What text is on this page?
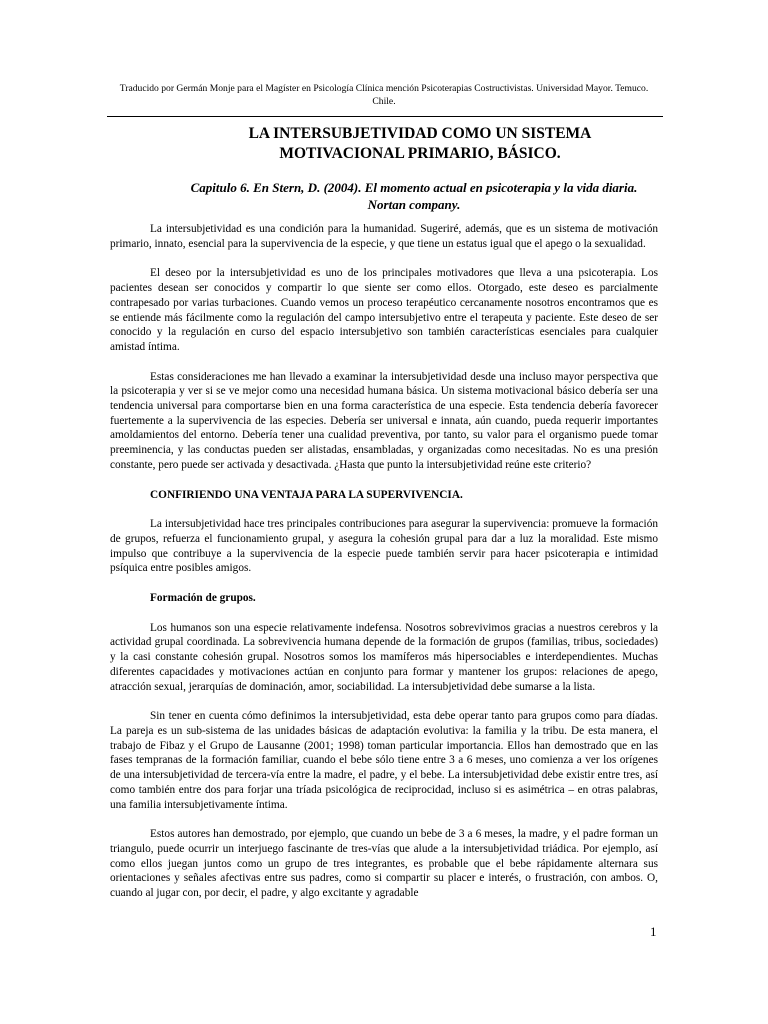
Traducido por Germán Monje para el Magíster en Psicología Clínica mención Psicoterapias Costructivistas. Universidad Mayor. Temuco. Chile.
LA INTERSUBJETIVIDAD COMO UN SISTEMA
MOTIVACIONAL PRIMARIO, BÁSICO.
Capitulo 6. En Stern, D. (2004). El momento actual en psicoterapia y la vida diaria. Nortan company.

La intersubjetividad es una condición para la humanidad. Sugeriré, además, que es un sistema de motivación primario, innato, esencial para la supervivencia de la especie, y que tiene un estatus igual que el apego o la sexualidad.

El deseo por la intersubjetividad es uno de los principales motivadores que lleva a una psicoterapia. Los pacientes desean ser conocidos y compartir lo que siente ser como ellos. Otorgado, este deseo es parcialmente contrapesado por varias turbaciones. Cuando vemos un proceso terapéutico cercanamente nosotros encontramos que es se entiende más fácilmente como la regulación del campo intersubjetivo entre el terapeuta y paciente. Este deseo de ser conocido y la regulación en curso del espacio intersubjetivo son también características esenciales para cualquier amistad íntima.

Estas consideraciones me han llevado a examinar la intersubjetividad desde una incluso mayor perspectiva que la psicoterapia y ver si se ve mejor como una necesidad humana básica. Un sistema motivacional básico debería ser una tendencia universal para comportarse bien en una forma característica de una especie. Esta tendencia debería favorecer fuertemente a la supervivencia de las especies. Debería ser universal e innata, aún cuando, pueda requerir importantes amoldamientos del entorno. Debería tener una cualidad preventiva, por tanto, su valor para el organismo puede tomar preeminencia, y las conductas pueden ser alistadas, ensambladas, y organizadas como necesitadas. No es una presión constante, pero puede ser activada y desactivada. ¿Hasta que punto la intersubjetividad reúne este criterio?

CONFIRIENDO UNA VENTAJA PARA LA SUPERVIVENCIA.

La intersubjetividad hace tres principales contribuciones para asegurar la supervivencia: promueve la formación de grupos, refuerza el funcionamiento grupal, y asegura la cohesión grupal para dar a luz la moralidad. Este mismo impulso que contribuye a la supervivencia de la especie puede también servir para hacer psicoterapia e intimidad psíquica entre posibles amigos.

Formación de grupos.

Los humanos son una especie relativamente indefensa. Nosotros sobrevivimos gracias a nuestros cerebros y la actividad grupal coordinada. La sobrevivencia humana depende de la formación de grupos (familias, tribus, sociedades) y la casi constante cohesión grupal. Nosotros somos los mamíferos más hipersociables e interdependientes. Muchas diferentes capacidades y motivaciones actúan en conjunto para formar y mantener los grupos: relaciones de apego, atracción sexual, jerarquías de dominación, amor, sociabilidad. La intersubjetividad debe sumarse a la lista.

Sin tener en cuenta cómo definimos la intersubjetividad, esta debe operar tanto para grupos como para díadas. La pareja es un sub-sistema de las unidades básicas de adaptación evolutiva: la familia y la tribu. De esta manera, el trabajo de Fibaz y el Grupo de Lausanne (2001; 1998) toman particular importancia. Ellos han demostrado que en las fases tempranas de la formación familiar, cuando el bebe sólo tiene entre 3 a 6 meses, uno comienza a ver los orígenes de una intersubjetividad de tercera-vía entre la madre, el padre, y el bebe. La intersubjetividad debe existir entre tres, así como también entre dos para forjar una tríada psicológica de reciprocidad, incluso si es asimétrica – en otras palabras, una familia intersubjetivamente íntima.

Estos autores han demostrado, por ejemplo, que cuando un bebe de 3 a 6 meses, la madre, y el padre forman un triangulo, puede ocurrir un interjuego fascinante de tres-vías que alude a la intersubjetividad triádica. Por ejemplo, así como ellos juegan juntos como un grupo de tres integrantes, es probable que el bebe rápidamente alternara sus orientaciones y señales afectivas entre sus padres, como si compartir su placer e interés, o frustración, con ambos. O, cuando al jugar con, por decir, el padre, y algo excitante y agradable

1
